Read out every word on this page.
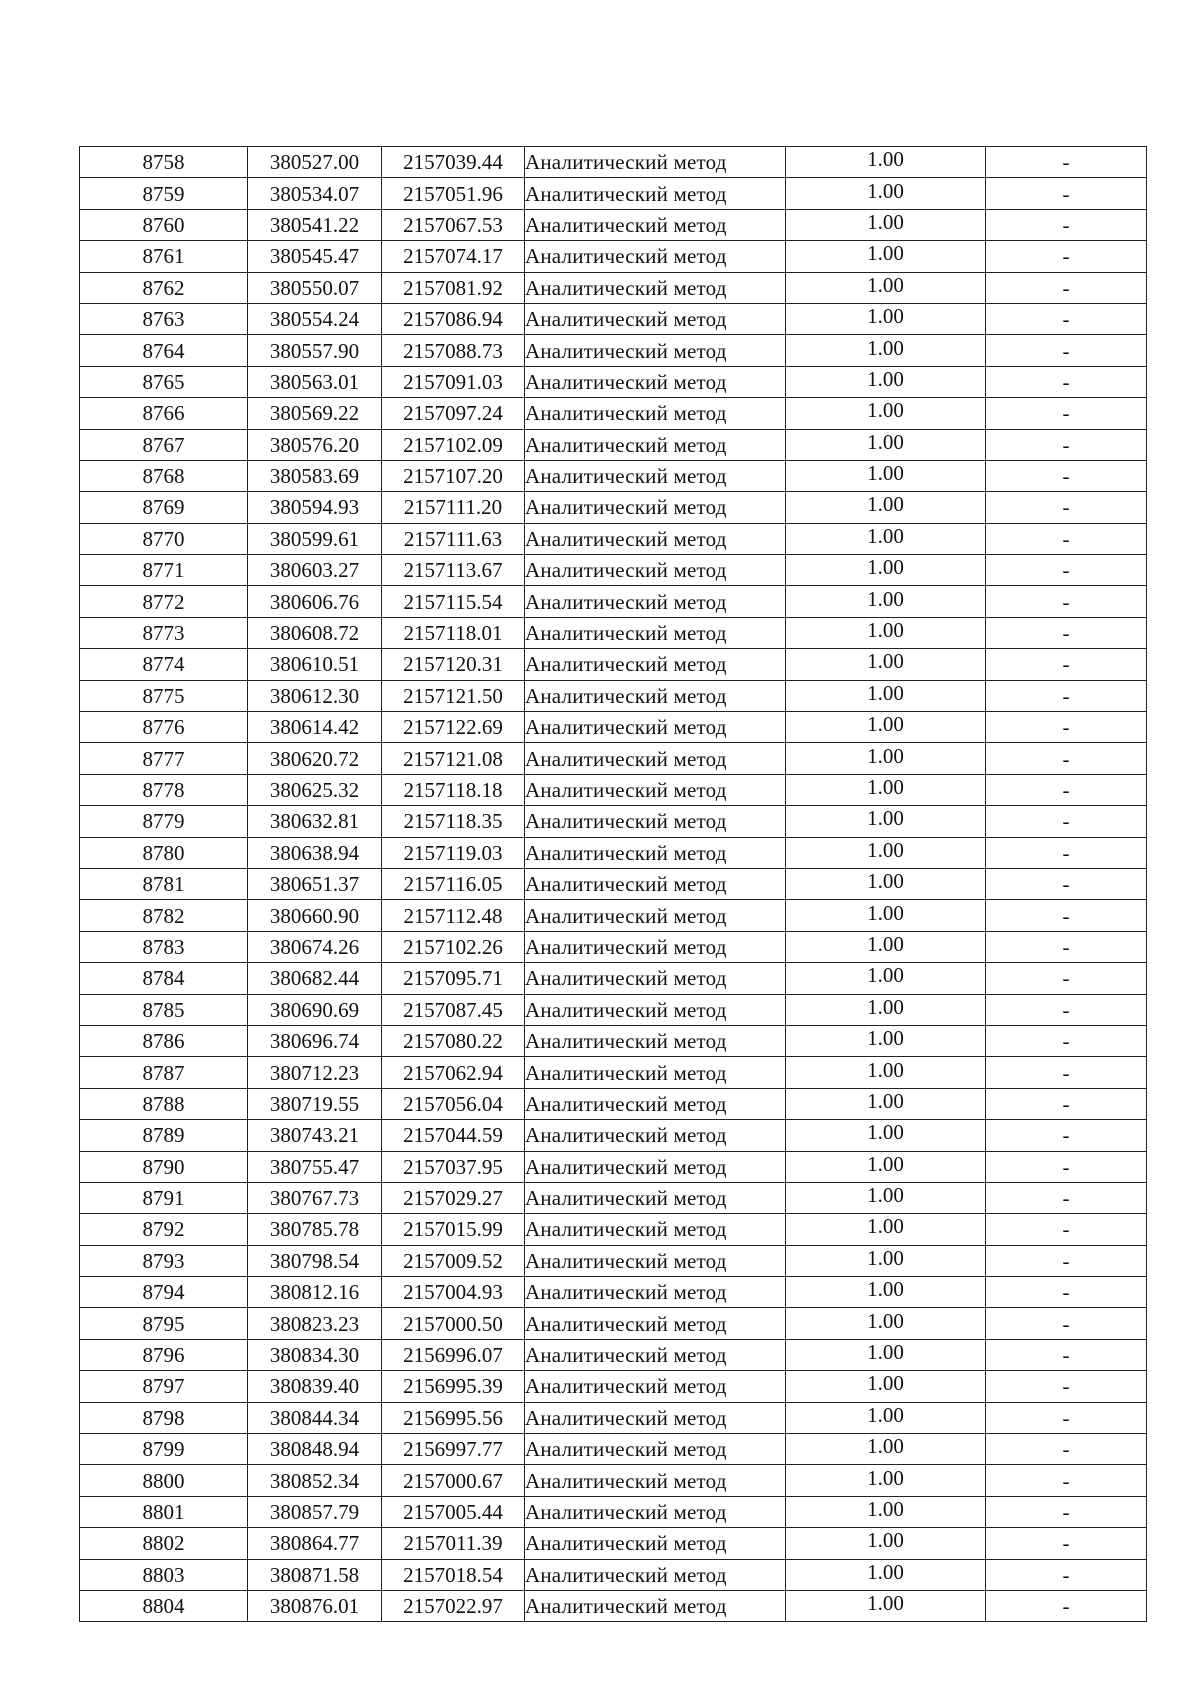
8758	380527.00	2157039.44	Аналитический метод	1.00	-
8759	380534.07	2157051.96	Аналитический метод	1.00	-
8760	380541.22	2157067.53	Аналитический метод	1.00	-
8761	380545.47	2157074.17	Аналитический метод	1.00	-
8762	380550.07	2157081.92	Аналитический метод	1.00	-
8763	380554.24	2157086.94	Аналитический метод	1.00	-
8764	380557.90	2157088.73	Аналитический метод	1.00	-
8765	380563.01	2157091.03	Аналитический метод	1.00	-
8766	380569.22	2157097.24	Аналитический метод	1.00	-
8767	380576.20	2157102.09	Аналитический метод	1.00	-
8768	380583.69	2157107.20	Аналитический метод	1.00	-
8769	380594.93	2157111.20	Аналитический метод	1.00	-
8770	380599.61	2157111.63	Аналитический метод	1.00	-
8771	380603.27	2157113.67	Аналитический метод	1.00	-
8772	380606.76	2157115.54	Аналитический метод	1.00	-
8773	380608.72	2157118.01	Аналитический метод	1.00	-
8774	380610.51	2157120.31	Аналитический метод	1.00	-
8775	380612.30	2157121.50	Аналитический метод	1.00	-
8776	380614.42	2157122.69	Аналитический метод	1.00	-
8777	380620.72	2157121.08	Аналитический метод	1.00	-
8778	380625.32	2157118.18	Аналитический метод	1.00	-
8779	380632.81	2157118.35	Аналитический метод	1.00	-
8780	380638.94	2157119.03	Аналитический метод	1.00	-
8781	380651.37	2157116.05	Аналитический метод	1.00	-
8782	380660.90	2157112.48	Аналитический метод	1.00	-
8783	380674.26	2157102.26	Аналитический метод	1.00	-
8784	380682.44	2157095.71	Аналитический метод	1.00	-
8785	380690.69	2157087.45	Аналитический метод	1.00	-
8786	380696.74	2157080.22	Аналитический метод	1.00	-
8787	380712.23	2157062.94	Аналитический метод	1.00	-
8788	380719.55	2157056.04	Аналитический метод	1.00	-
8789	380743.21	2157044.59	Аналитический метод	1.00	-
8790	380755.47	2157037.95	Аналитический метод	1.00	-
8791	380767.73	2157029.27	Аналитический метод	1.00	-
8792	380785.78	2157015.99	Аналитический метод	1.00	-
8793	380798.54	2157009.52	Аналитический метод	1.00	-
8794	380812.16	2157004.93	Аналитический метод	1.00	-
8795	380823.23	2157000.50	Аналитический метод	1.00	-
8796	380834.30	2156996.07	Аналитический метод	1.00	-
8797	380839.40	2156995.39	Аналитический метод	1.00	-
8798	380844.34	2156995.56	Аналитический метод	1.00	-
8799	380848.94	2156997.77	Аналитический метод	1.00	-
8800	380852.34	2157000.67	Аналитический метод	1.00	-
8801	380857.79	2157005.44	Аналитический метод	1.00	-
8802	380864.77	2157011.39	Аналитический метод	1.00	-
8803	380871.58	2157018.54	Аналитический метод	1.00	-
8804	380876.01	2157022.97	Аналитический метод	1.00	-
